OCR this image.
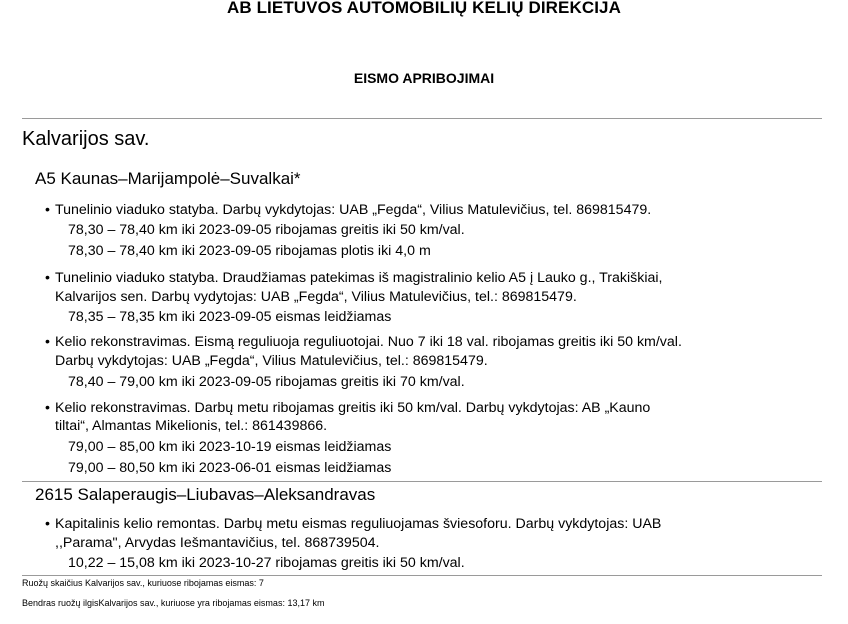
AB LIETUVOS AUTOMOBILIŲ KELIŲ DIREKCIJA
EISMO APRIBOJIMAI
Kalvarijos sav.
A5 Kaunas–Marijampolė–Suvalkai*
• Tunelinio viaduko statyba. Darbų vykdytojas: UAB „Fegda“, Vilius Matulevičius, tel. 869815479.
78,30 – 78,40 km iki 2023-09-05 ribojamas greitis iki 50 km/val.
78,30 – 78,40 km iki 2023-09-05 ribojamas plotis iki 4,0 m
• Tunelinio viaduko statyba. Draudžiamas patekimas iš magistralinio kelio A5 į Lauko g., Trakiškiai,
Kalvarijos sen. Darbų vydytojas: UAB „Fegda“, Vilius Matulevičius, tel.: 869815479.
78,35 – 78,35 km iki 2023-09-05 eismas leidžiamas
• Kelio rekonstravimas. Eismą reguliuoja reguliuotojai. Nuo 7 iki 18 val. ribojamas greitis iki 50 km/val.
Darbų vykdytojas: UAB „Fegda“, Vilius Matulevičius, tel.: 869815479.
78,40 – 79,00 km iki 2023-09-05 ribojamas greitis iki 70 km/val.
• Kelio rekonstravimas. Darbų metu ribojamas greitis iki 50 km/val. Darbų vykdytojas: AB „Kauno
tiltai“, Almantas Mikelionis, tel.: 861439866.
79,00 – 85,00 km iki 2023-10-19 eismas leidžiamas
79,00 – 80,50 km iki 2023-06-01 eismas leidžiamas
2615 Salaperaugis–Liubavas–Aleksandravas
• Kapitalinis kelio remontas. Darbų metu eismas reguliuojamas šviesoforu. Darbų vykdytojas: UAB
,,Parama", Arvydas Iešmantavičius, tel. 868739504.
10,22 – 15,08 km iki 2023-10-27 ribojamas greitis iki 50 km/val.
Ruožų skaičius Kalvarijos sav., kuriuose ribojamas eismas: 7
Bendras ruožų ilgisKalvarijos sav., kuriuose yra ribojamas eismas: 13,17 km
